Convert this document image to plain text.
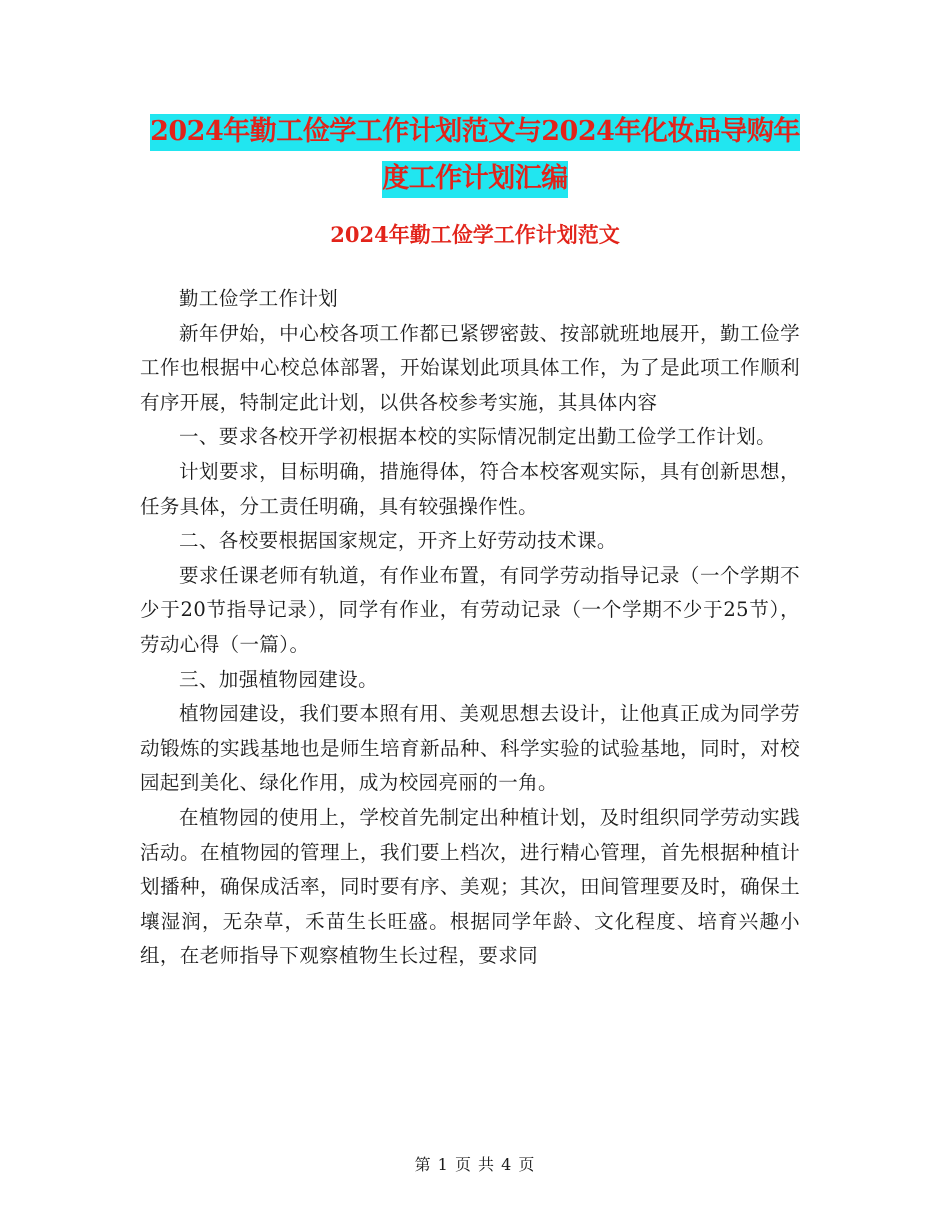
2024年勤工俭学工作计划范文与2024年化妆品导购年度工作计划汇编
2024年勤工俭学工作计划范文

勤工俭学工作计划

新年伊始，中心校各项工作都已紧锣密鼓、按部就班地展开，勤工俭学工作也根据中心校总体部署，开始谋划此项具体工作，为了是此项工作顺利有序开展，特制定此计划，以供各校参考实施，其具体内容

一、要求各校开学初根据本校的实际情况制定出勤工俭学工作计划。

计划要求，目标明确，措施得体，符合本校客观实际，具有创新思想，任务具体，分工责任明确，具有较强操作性。

二、各校要根据国家规定，开齐上好劳动技术课。

要求任课老师有轨道，有作业布置，有同学劳动指导记录（一个学期不少于20节指导记录），同学有作业，有劳动记录（一个学期不少于25节），劳动心得（一篇）。

三、加强植物园建设。

植物园建设，我们要本照有用、美观思想去设计，让他真正成为同学劳动锻炼的实践基地也是师生培育新品种、科学实验的试验基地，同时，对校园起到美化、绿化作用，成为校园亮丽的一角。

在植物园的使用上，学校首先制定出种植计划，及时组织同学劳动实践活动。在植物园的管理上，我们要上档次，进行精心管理，首先根据种植计划播种，确保成活率，同时要有序、美观；其次，田间管理要及时，确保土壤湿润，无杂草，禾苗生长旺盛。根据同学年龄、文化程度、培育兴趣小组，在老师指导下观察植物生长过程，要求同

第 1 页 共 4 页
